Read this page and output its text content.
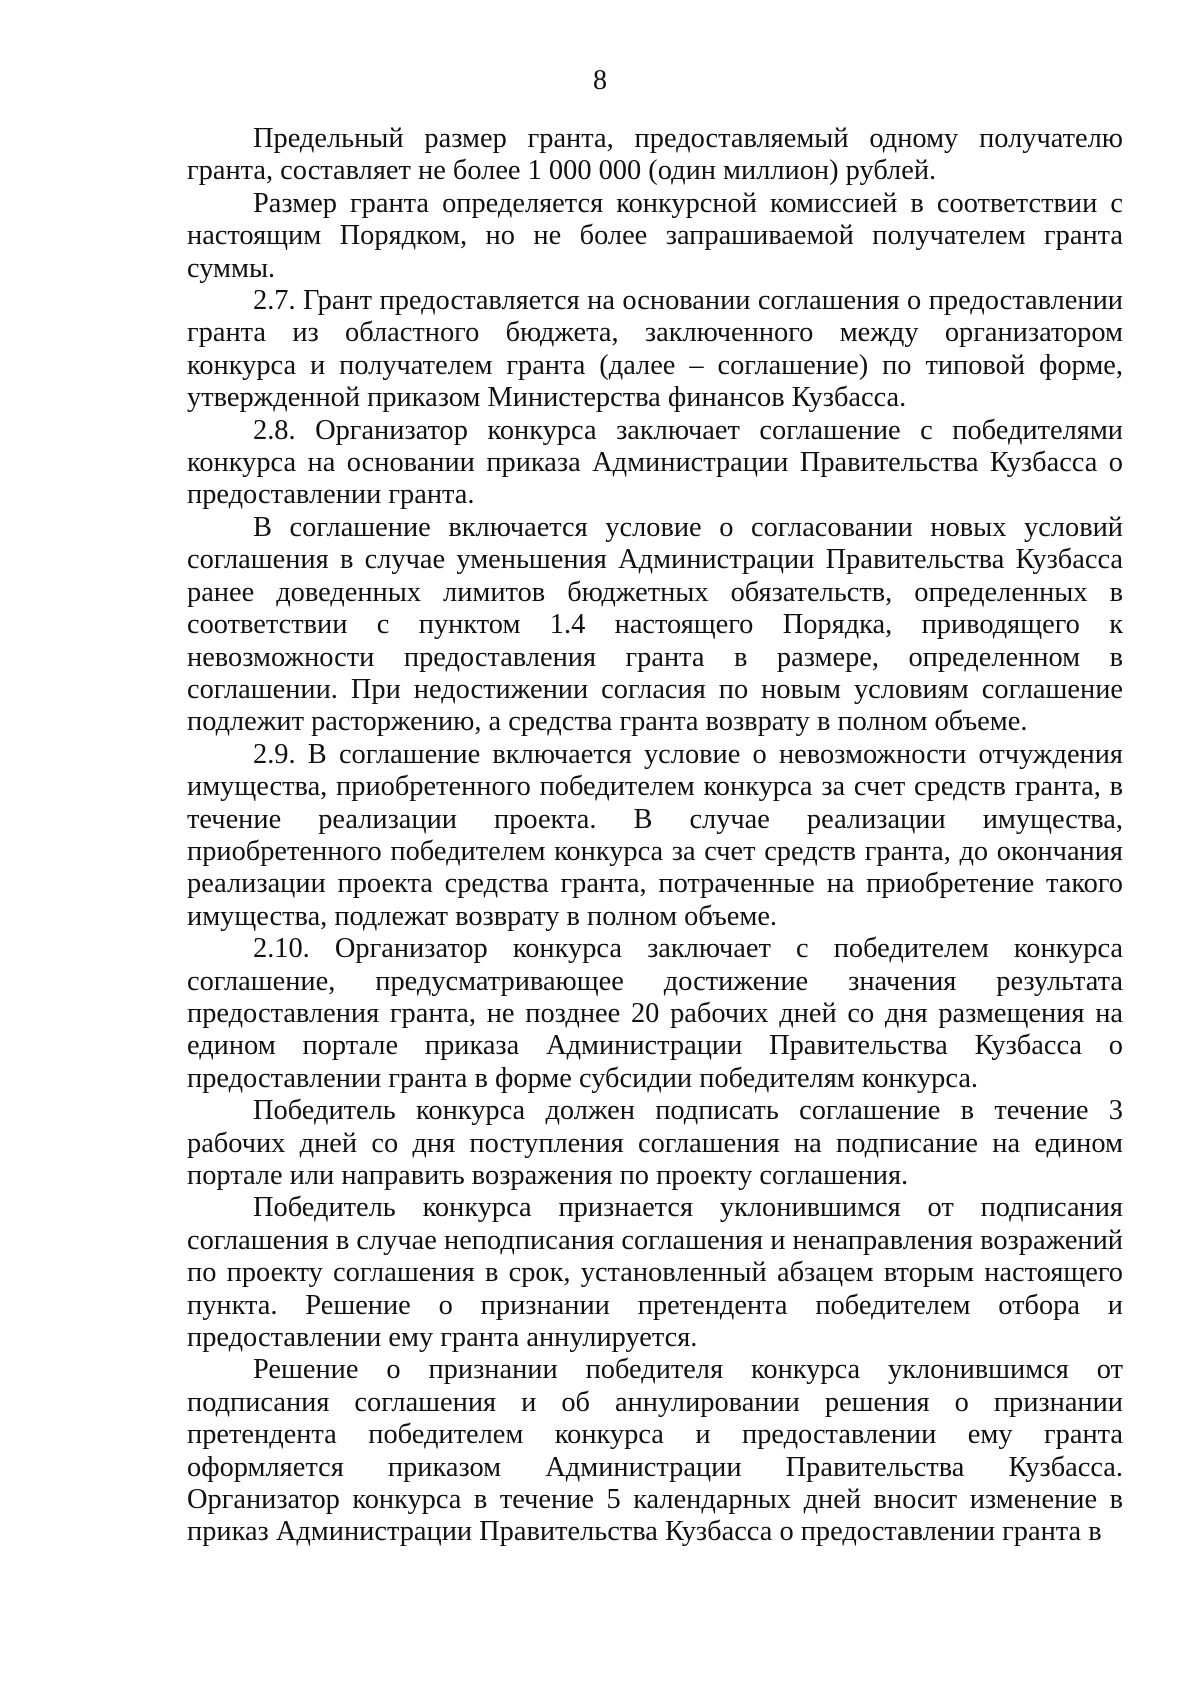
8

Предельный размер гранта, предоставляемый одному получателю гранта, составляет не более 1 000 000 (один миллион) рублей.

Размер гранта определяется конкурсной комиссией в соответствии с настоящим Порядком, но не более запрашиваемой получателем гранта суммы.

2.7. Грант предоставляется на основании соглашения о предоставлении гранта из областного бюджета, заключенного между организатором конкурса и получателем гранта (далее – соглашение) по типовой форме, утвержденной приказом Министерства финансов Кузбасса.

2.8. Организатор конкурса заключает соглашение с победителями конкурса на основании приказа Администрации Правительства Кузбасса о предоставлении гранта.

В соглашение включается условие о согласовании новых условий соглашения в случае уменьшения Администрации Правительства Кузбасса ранее доведенных лимитов бюджетных обязательств, определенных в соответствии с пунктом 1.4 настоящего Порядка, приводящего к невозможности предоставления гранта в размере, определенном в соглашении. При недостижении согласия по новым условиям соглашение подлежит расторжению, а средства гранта возврату в полном объеме.

2.9. В соглашение включается условие о невозможности отчуждения имущества, приобретенного победителем конкурса за счет средств гранта, в течение реализации проекта. В случае реализации имущества, приобретенного победителем конкурса за счет средств гранта, до окончания реализации проекта средства гранта, потраченные на приобретение такого имущества, подлежат возврату в полном объеме.

2.10. Организатор конкурса заключает с победителем конкурса соглашение, предусматривающее достижение значения результата предоставления гранта, не позднее 20 рабочих дней со дня размещения на едином портале приказа Администрации Правительства Кузбасса о предоставлении гранта в форме субсидии победителям конкурса.

Победитель конкурса должен подписать соглашение в течение 3 рабочих дней со дня поступления соглашения на подписание на едином портале или направить возражения по проекту соглашения.

Победитель конкурса признается уклонившимся от подписания соглашения в случае неподписания соглашения и ненаправления возражений по проекту соглашения в срок, установленный абзацем вторым настоящего пункта. Решение о признании претендента победителем отбора и предоставлении ему гранта аннулируется.

Решение о признании победителя конкурса уклонившимся от подписания соглашения и об аннулировании решения о признании претендента победителем конкурса и предоставлении ему гранта оформляется приказом Администрации Правительства Кузбасса. Организатор конкурса в течение 5 календарных дней вносит изменение в приказ Администрации Правительства Кузбасса о предоставлении гранта в
